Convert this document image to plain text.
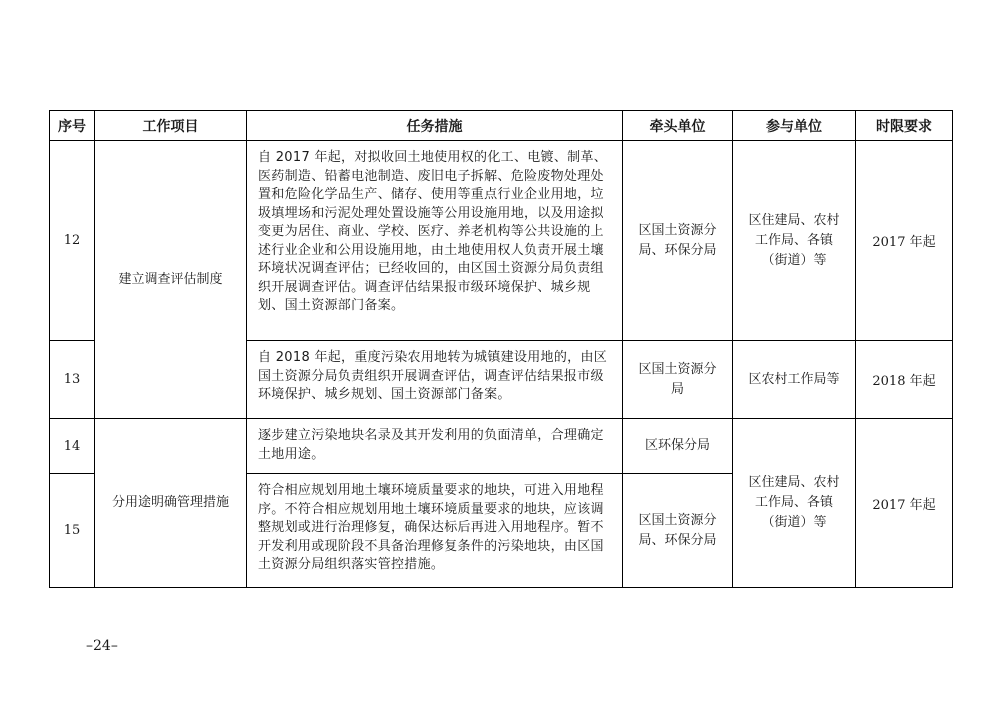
序号	工作项目	任务措施	牵头单位	参与单位	时限要求
12	建立调查评估制度	自 2017 年起，对拟收回土地使用权的化工、电镀、制革、医药制造、铅蓄电池制造、废旧电子拆解、危险废物处理处置和危险化学品生产、储存、使用等重点行业企业用地，垃圾填埋场和污泥处理处置设施等公用设施用地，以及用途拟变更为居住、商业、学校、医疗、养老机构等公共设施的上述行业企业和公用设施用地，由土地使用权人负责开展土壤环境状况调查评估；已经收回的，由区国土资源分局负责组织开展调查评估。调查评估结果报市级环境保护、城乡规划、国土资源部门备案。	区国土资源分局、环保分局	区住建局、农村工作局、各镇（街道）等	2017 年起
13		自 2018 年起，重度污染农用地转为城镇建设用地的，由区国土资源分局负责组织开展调查评估，调查评估结果报市级环境保护、城乡规划、国土资源部门备案。	区国土资源分局	区农村工作局等	2018 年起
14	分用途明确管理措施	逐步建立污染地块名录及其开发利用的负面清单，合理确定土地用途。	区环保分局	区住建局、农村工作局、各镇（街道）等	2017 年起
15		符合相应规划用地土壤环境质量要求的地块，可进入用地程序。不符合相应规划用地土壤环境质量要求的地块，应该调整规划或进行治理修复，确保达标后再进入用地程序。暂不开发利用或现阶段不具备治理修复条件的污染地块，由区国土资源分局组织落实管控措施。	区国土资源分局、环保分局		
–24–
